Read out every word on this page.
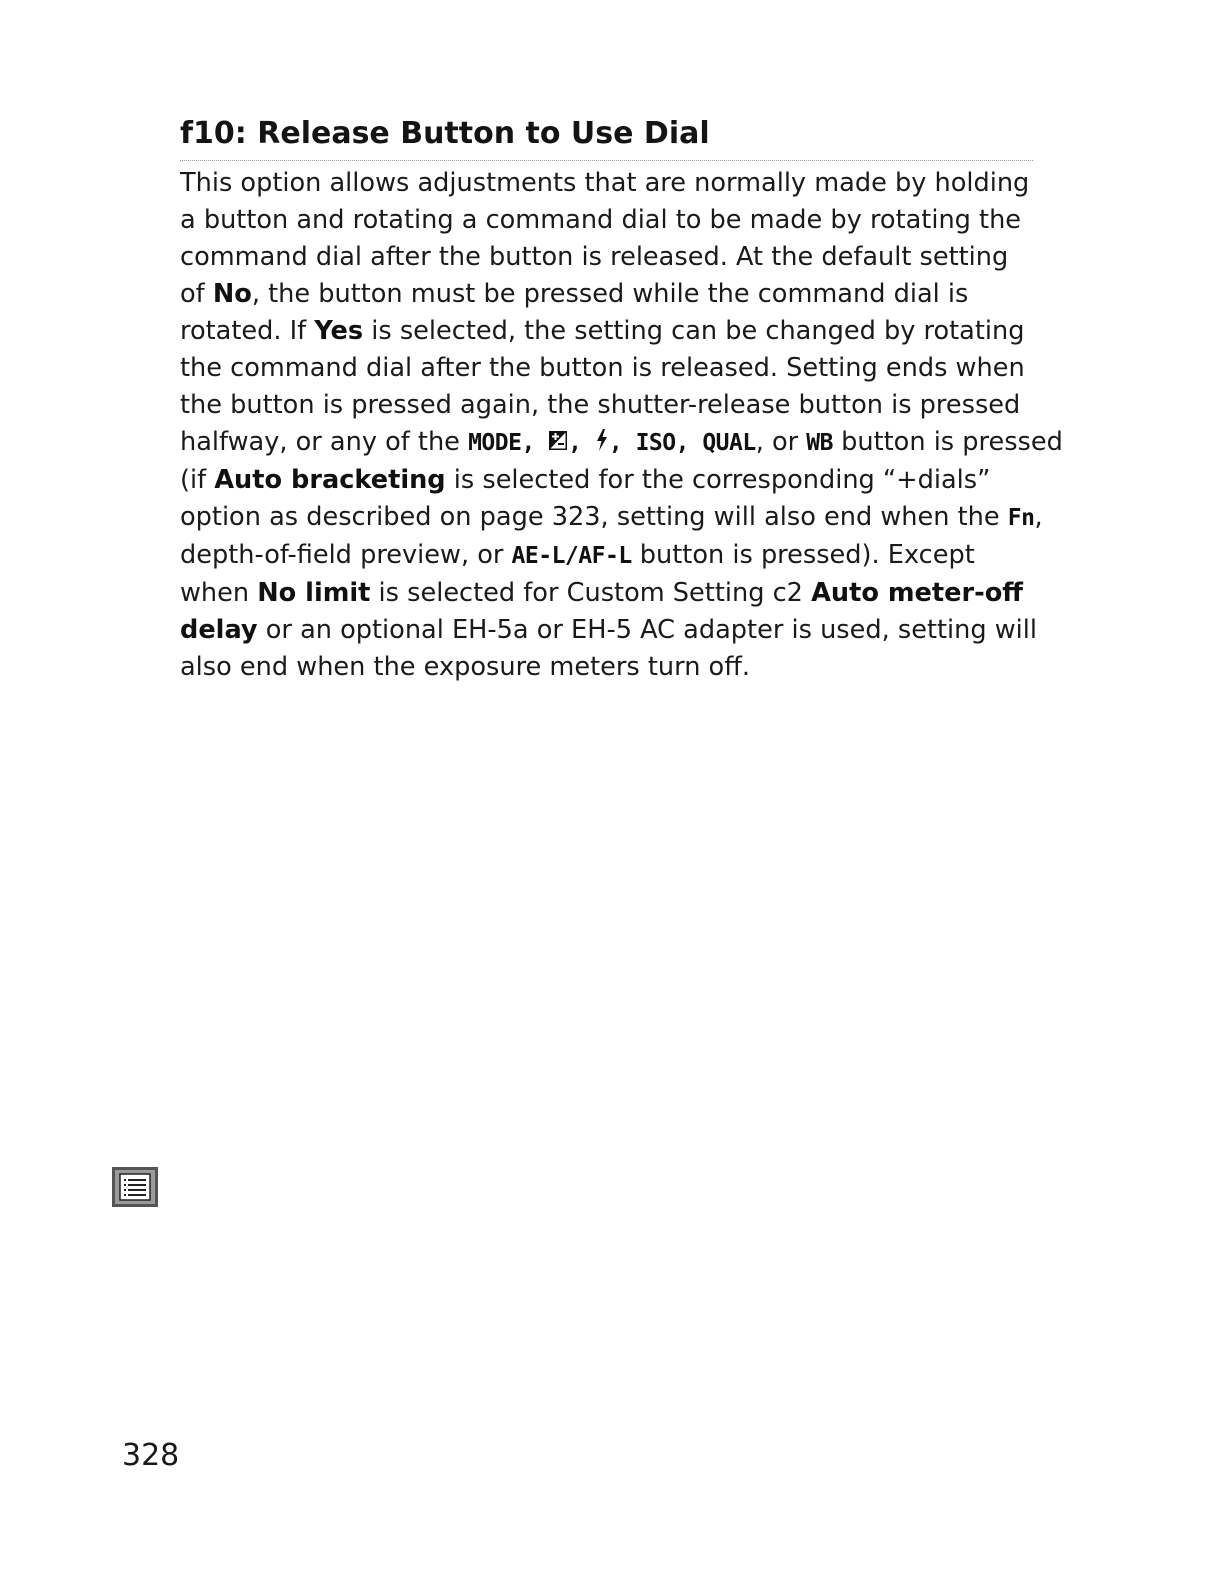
f10: Release Button to Use Dial
This option allows adjustments that are normally made by holding
a button and rotating a command dial to be made by rotating the
command dial after the button is released. At the default setting
of No, the button must be pressed while the command dial is
rotated. If Yes is selected, the setting can be changed by rotating
the command dial after the button is released. Setting ends when
the button is pressed again, the shutter-release button is pressed
halfway, or any of the MODE, , , ISO, QUAL, or WB button is pressed
(if Auto bracketing is selected for the corresponding “+dials”
option as described on page 323, setting will also end when the Fn,
depth-of-field preview, or AE-L/AF-L button is pressed). Except
when No limit is selected for Custom Setting c2 Auto meter-off
delay or an optional EH-5a or EH-5 AC adapter is used, setting will
also end when the exposure meters turn off.
328
